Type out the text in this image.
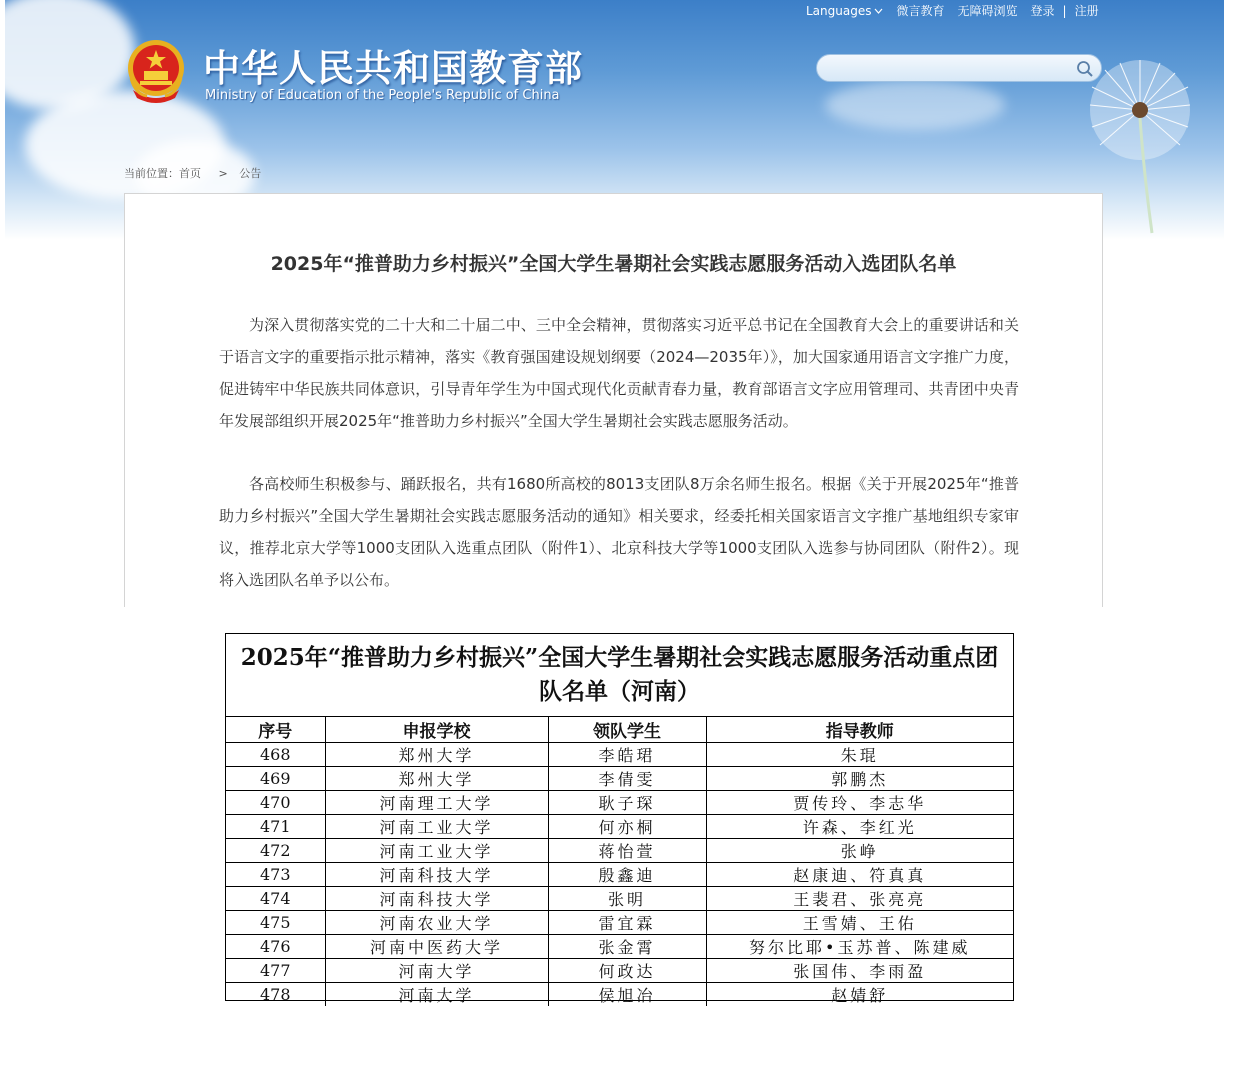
中华人民共和国教育部
Ministry of Education of the People's Republic of China
Languages	微言教育 无障碍浏览 登录 | 注册
当前位置：首页 > 公告
2025年“推普助力乡村振兴”全国大学生暑期社会实践志愿服务活动入选团队名单
为深入贯彻落实党的二十大和二十届二中、三中全会精神，贯彻落实习近平总书记在全国教育大会上的重要讲话和关于语言文字的重要指示批示精神，落实《教育强国建设规划纲要（2024—2035年）》，加大国家通用语言文字推广力度，促进铸牢中华民族共同体意识，引导青年学生为中国式现代化贡献青春力量，教育部语言文字应用管理司、共青团中央青年发展部组织开展2025年“推普助力乡村振兴”全国大学生暑期社会实践志愿服务活动。
各高校师生积极参与、踊跃报名，共有1680所高校的8013支团队8万余名师生报名。根据《关于开展2025年“推普助力乡村振兴”全国大学生暑期社会实践志愿服务活动的通知》相关要求，经委托相关国家语言文字推广基地组织专家审议，推荐北京大学等1000支团队入选重点团队（附件1）、北京科技大学等1000支团队入选参与协同团队（附件2）。现将入选团队名单予以公布。
2025年“推普助力乡村振兴”全国大学生暑期社会实践志愿服务活动重点团队名单（河南）
序号	申报学校	领队学生	指导教师
468	郑州大学	李皓珺	朱琨
469	郑州大学	李倩雯	郭鹏杰
470	河南理工大学	耿子琛	贾传玲、李志华
471	河南工业大学	何亦桐	许森、李红光
472	河南工业大学	蒋怡萱	张峥
473	河南科技大学	殷鑫迪	赵康迪、符真真
474	河南科技大学	张明	王裴君、张亮亮
475	河南农业大学	雷宜霖	王雪婧、王佑
476	河南中医药大学	张金霄	努尔比耶•玉苏普、陈建威
477	河南大学	何政达	张国伟、李雨盈
478	河南大学	侯旭冶	赵婧舒
